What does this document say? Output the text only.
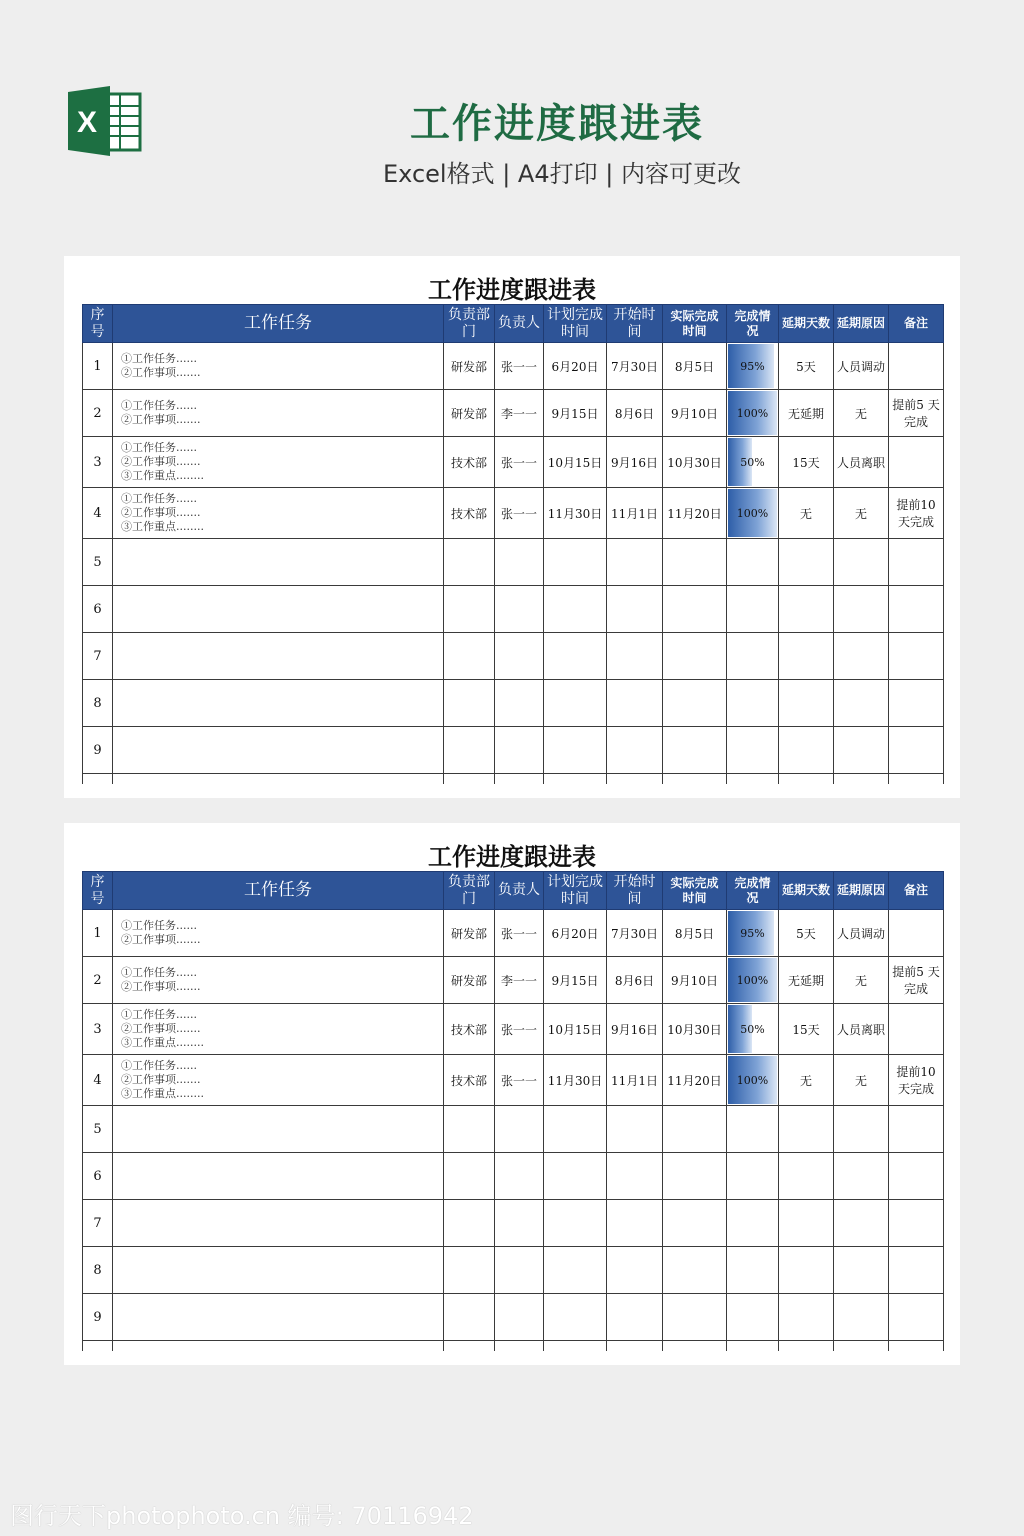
X	工作进度跟进表
Excel格式 | A4打印 | 内容可更改
工作进度跟进表
序号	工作任务	负责部门	负责人	计划完成时间	开始时间	实际完成时间	完成情况	延期天数	延期原因	备注
1	①工作任务......
②工作事项.......	研发部	张一一	6月20日	7月30日	8月5日	95%	5天	人员调动	
2	①工作任务......
②工作事项.......	研发部	李一一	9月15日	8月6日	9月10日	100%	无延期	无	提前5 天完成
3	①工作任务......
②工作事项.......
③工作重点........	技术部	张一一	10月15日	9月16日	10月30日	50%	15天	人员离职	
4	①工作任务......
②工作事项.......
③工作重点........	技术部	张一一	11月30日	11月1日	11月20日	100%	无	无	提前10天完成
5										
6										
7										
8										
9										

工作进度跟进表
序号	工作任务	负责部门	负责人	计划完成时间	开始时间	实际完成时间	完成情况	延期天数	延期原因	备注
1	①工作任务......
②工作事项.......	研发部	张一一	6月20日	7月30日	8月5日	95%	5天	人员调动	
2	①工作任务......
②工作事项.......	研发部	李一一	9月15日	8月6日	9月10日	100%	无延期	无	提前5 天完成
3	①工作任务......
②工作事项.......
③工作重点........	技术部	张一一	10月15日	9月16日	10月30日	50%	15天	人员离职	
4	①工作任务......
②工作事项.......
③工作重点........	技术部	张一一	11月30日	11月1日	11月20日	100%	无	无	提前10天完成
5										
6										
7										
8										
9										

图行天下photophoto.cn 编号: 70116942
